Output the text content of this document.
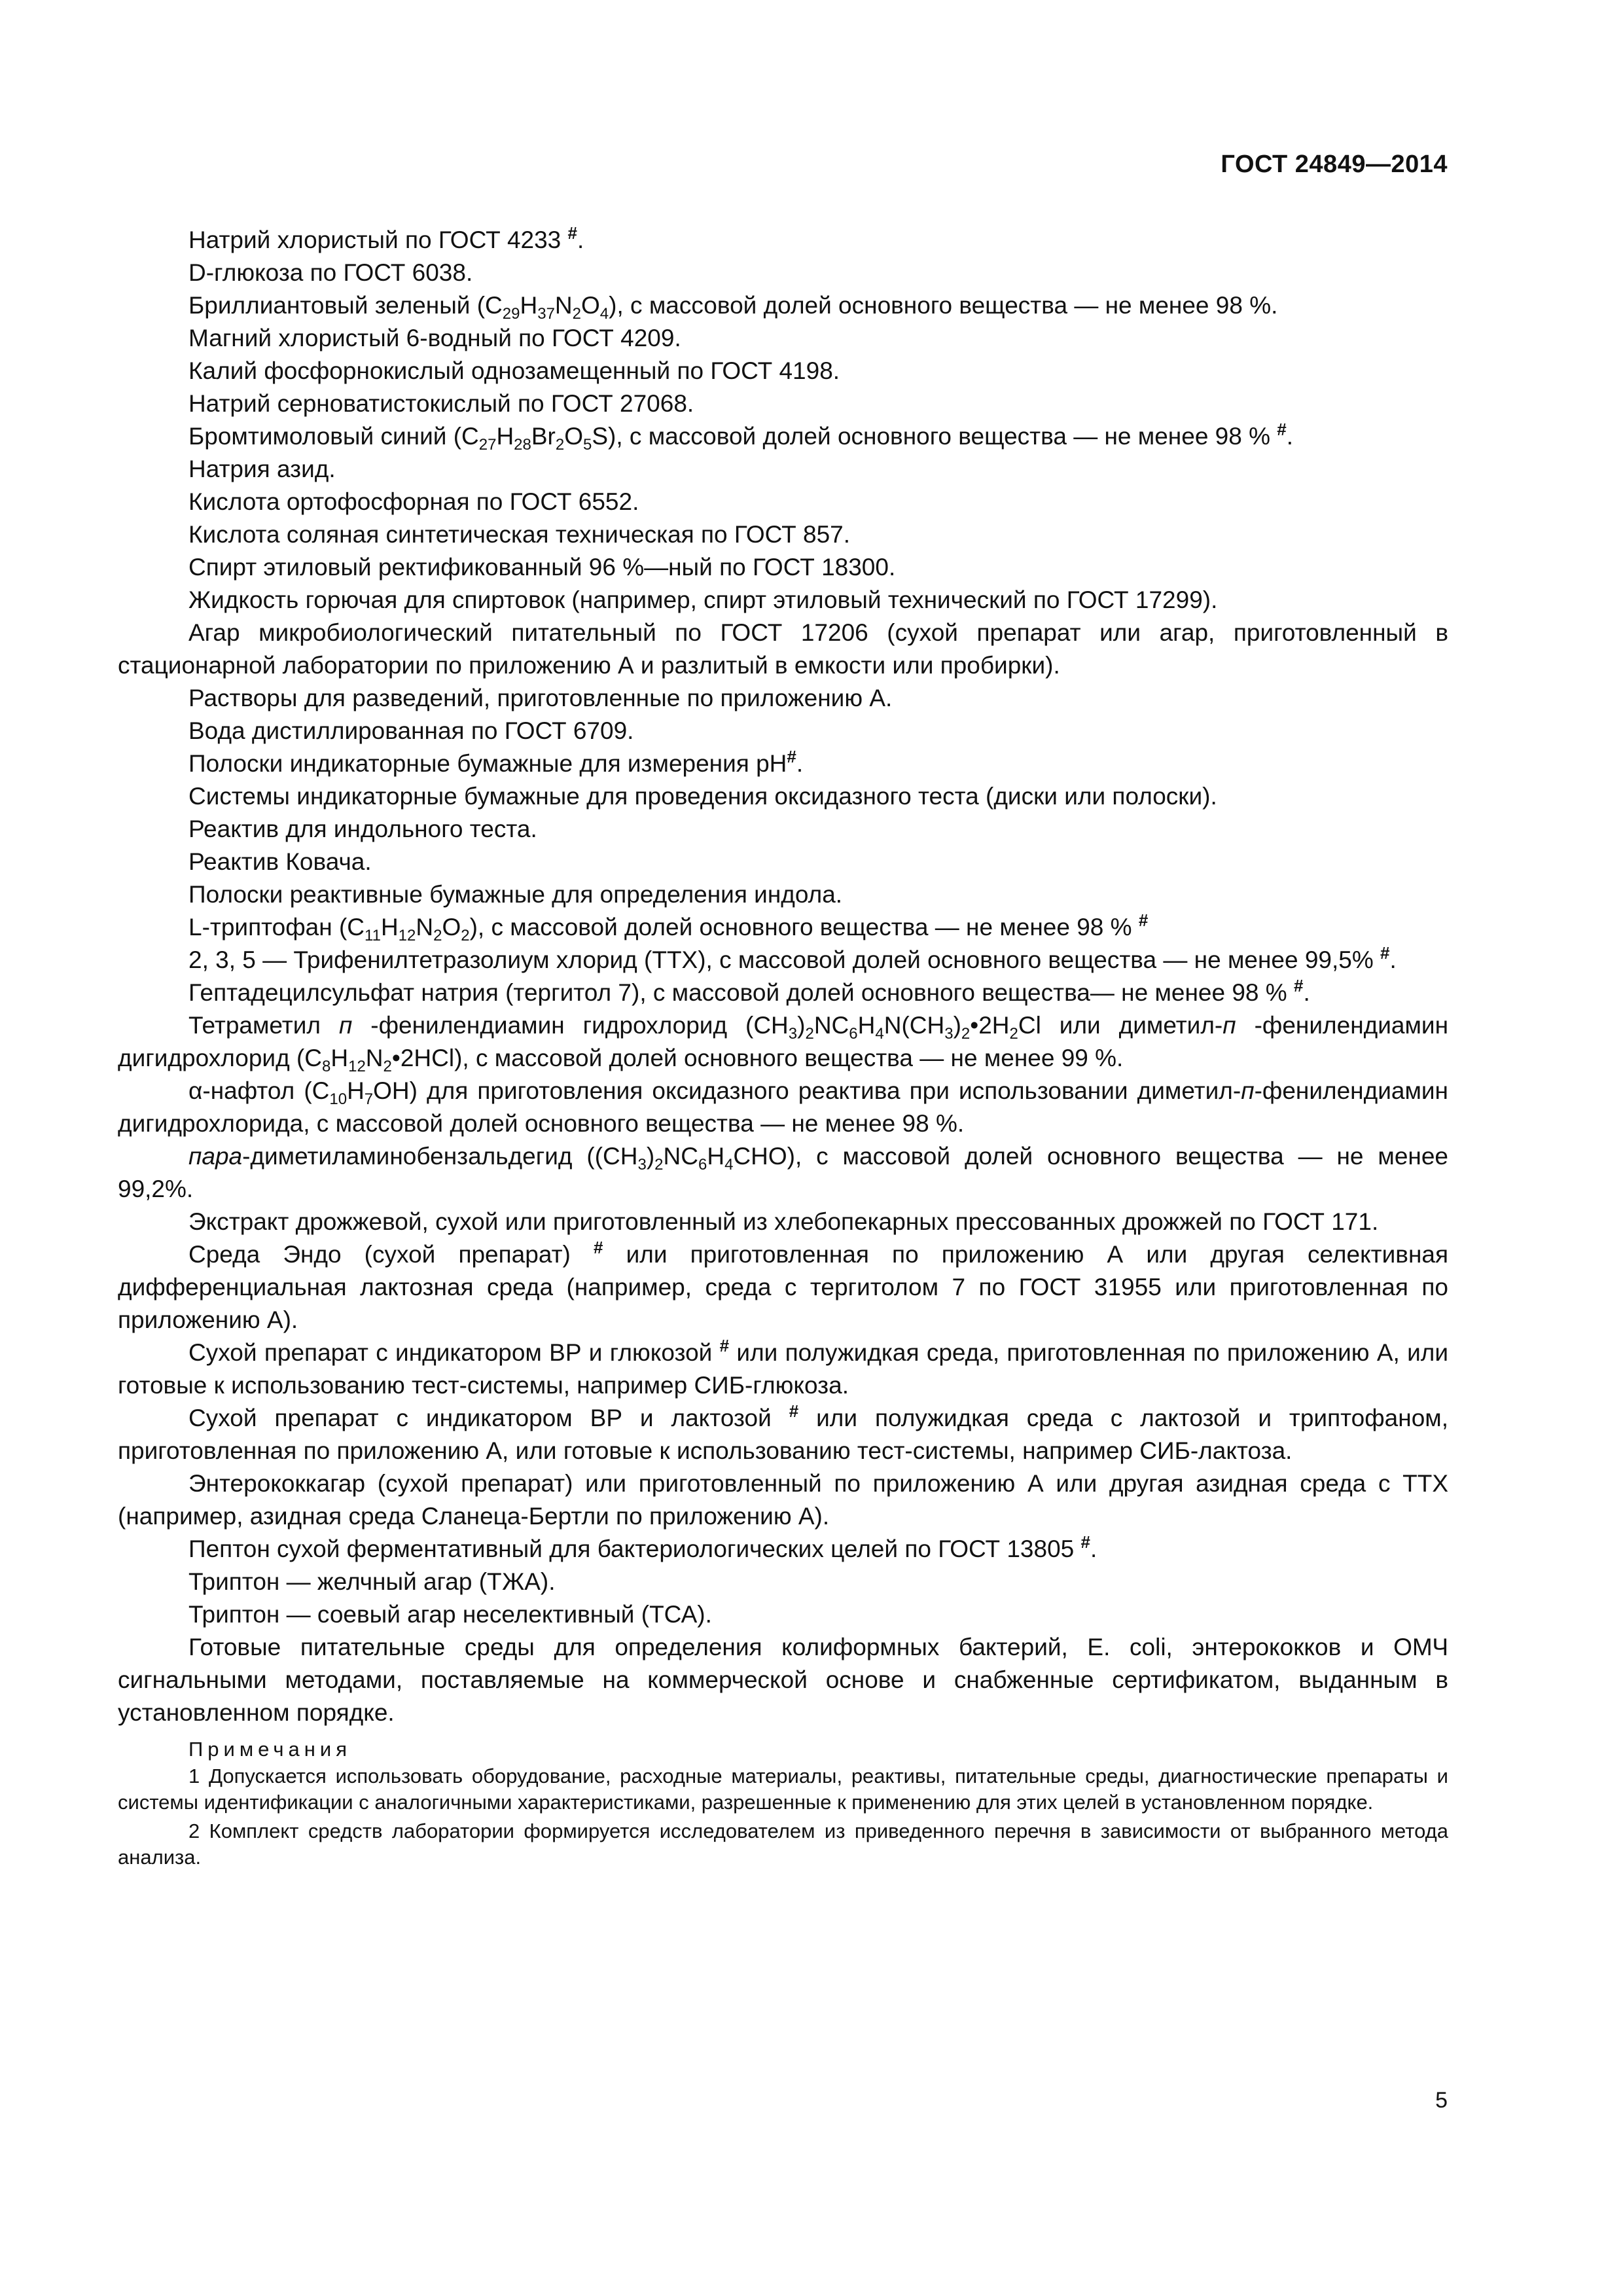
ГОСТ 24849—2014

Натрий хлористый по ГОСТ 4233 #.

D-глюкоза по ГОСТ 6038.

Бриллиантовый зеленый $(C_{29}H_{37}N_2O_4)$, с массовой долей основного вещества — не менее 98 %.

Магний хлористый 6-водный по ГОСТ 4209.

Калий фосфорнокислый однозамещенный по ГОСТ 4198.

Натрий серноватистокислый по ГОСТ 27068.

Бромтимоловый синий $(C_{27}H_{28}Br_2O_5S)$, с массовой долей основного вещества — не менее 98 % #.

Натрия азид.

Кислота ортофосфорная по ГОСТ 6552.

Кислота соляная синтетическая техническая по ГОСТ 857.

Спирт этиловый ректификованный 96 %—ный по ГОСТ 18300.

Жидкость горючая для спиртовок (например, спирт этиловый технический по ГОСТ 17299).

Агар микробиологический питательный по ГОСТ 17206 (сухой препарат или агар, приготовленный в стационарной лаборатории по приложению А и разлитый в емкости или пробирки).

Растворы для разведений, приготовленные по приложению А.

Вода дистиллированная по ГОСТ 6709.

Полоски индикаторные бумажные для измерения pH#.

Системы индикаторные бумажные для проведения оксидазного теста (диски или полоски).

Реактив для индольного теста.

Реактив Ковача.

Полоски реактивные бумажные для определения индола.

L-триптофан $(C_{11}H_{12}N_2O_2)$, с массовой долей основного вещества — не менее 98 % #

2, 3, 5 — Трифенилтетразолиум хлорид (ТТХ), с массовой долей основного вещества — не менее 99,5% #.

Гептадецилсульфат натрия (тергитол 7), с массовой долей основного вещества— не менее 98 % #.

Тетраметил п -фенилендиамин гидрохлорид $(CH_3)_2NC_6H_4N(CH_3)_2•2H_2Cl$ или диметил-п -фенилендиамин дигидрохлорид $(C_8H_{12}N_2•2HCl)$, с массовой долей основного вещества — не менее 99 %.

α-нафтол $(C_{10}H_7OH)$ для приготовления оксидазного реактива при использовании диметил-п-фенилендиамин дигидрохлорида, с массовой долей основного вещества — не менее 98 %.

пара-диметиламинобензальдегид $((CH_3)_2NC_6H_4CHO)$, с массовой долей основного вещества — не менее 99,2%.

Экстракт дрожжевой, сухой или приготовленный из хлебопекарных прессованных дрожжей по ГОСТ 171.

Среда Эндо (сухой препарат) # или приготовленная по приложению А или другая селективная дифференциальная лактозная среда (например, среда с тергитолом 7 по ГОСТ 31955 или приготовленная по приложению А).

Сухой препарат с индикатором ВР и глюкозой # или полужидкая среда, приготовленная по приложению А, или готовые к использованию тест-системы, например СИБ-глюкоза.

Сухой препарат с индикатором ВР и лактозой # или полужидкая среда с лактозой и триптофаном, приготовленная по приложению А, или готовые к использованию тест-системы, например СИБ-лактоза.

Энтерококкагар (сухой препарат) или приготовленный по приложению А или другая азидная среда с ТТХ (например, азидная среда Сланеца-Бертли по приложению А).

Пептон сухой ферментативный для бактериологических целей по ГОСТ 13805 #.

Триптон — желчный агар (ТЖА).

Триптон — соевый агар неселективный (ТСА).

Готовые питательные среды для определения колиформных бактерий, E. coli, энтерококков и ОМЧ сигнальными методами, поставляемые на коммерческой основе и снабженные сертификатом, выданным в установленном порядке.

Примечания

1 Допускается использовать оборудование, расходные материалы, реактивы, питательные среды, диагностические препараты и системы идентификации с аналогичными характеристиками, разрешенные к применению для этих целей в установленном порядке.

2 Комплект средств лаборатории формируется исследователем из приведенного перечня в зависимости от выбранного метода анализа.

5
